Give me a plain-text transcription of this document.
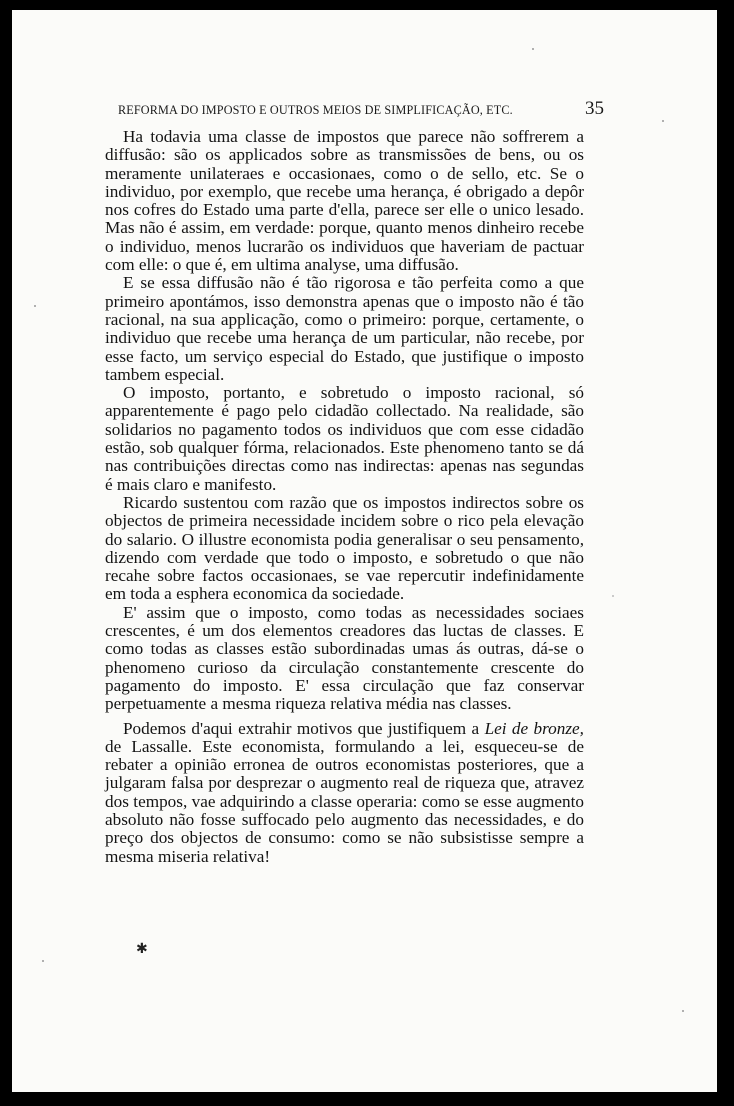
REFORMA DO IMPOSTO E OUTROS MEIOS DE SIMPLIFICAÇÃO, ETC.	35

Ha todavia uma classe de impostos que parece não soffrerem a diffusão: são os applicados sobre as transmissões de bens, ou os meramente unilateraes e occasionaes, como o de sello, etc. Se o individuo, por exemplo, que recebe uma herança, é obrigado a depôr nos cofres do Estado uma parte d'ella, parece ser elle o unico lesado. Mas não é assim, em verdade: porque, quanto menos dinheiro recebe o individuo, menos lucrarão os individuos que haveriam de pactuar com elle: o que é, em ultima analyse, uma diffusão.

E se essa diffusão não é tão rigorosa e tão perfeita como a que primeiro apontámos, isso demonstra apenas que o imposto não é tão racional, na sua applicação, como o primeiro: porque, certamente, o individuo que recebe uma herança de um particular, não recebe, por esse facto, um serviço especial do Estado, que justifique o imposto tambem especial.

O imposto, portanto, e sobretudo o imposto racional, só apparentemente é pago pelo cidadão collectado. Na realidade, são solidarios no pagamento todos os individuos que com esse cidadão estão, sob qualquer fórma, relacionados. Este phenomeno tanto se dá nas contribuições directas como nas indirectas: apenas nas segundas é mais claro e manifesto.

Ricardo sustentou com razão que os impostos indirectos sobre os objectos de primeira necessidade incidem sobre o rico pela elevação do salario. O illustre economista podia generalisar o seu pensamento, dizendo com verdade que todo o imposto, e sobretudo o que não recahe sobre factos occasionaes, se vae repercutir indefinidamente em toda a esphera economica da sociedade.

E' assim que o imposto, como todas as necessidades sociaes crescentes, é um dos elementos creadores das luctas de classes. E como todas as classes estão subordinadas umas ás outras, dá-se o phenomeno curioso da circulação constantemente crescente do pagamento do imposto. E' essa circulação que faz conservar perpetuamente a mesma riqueza relativa média nas classes.

Podemos d'aqui extrahir motivos que justifiquem a Lei de bronze, de Lassalle. Este economista, formulando a lei, esqueceu-se de rebater a opinião erronea de outros economistas posteriores, que a julgaram falsa por desprezar o augmento real de riqueza que, atravez dos tempos, vae adquirindo a classe operaria: como se esse augmento absoluto não fosse suffocado pelo augmento das necessidades, e do preço dos objectos de consumo: como se não subsistisse sempre a mesma miseria relativa!

✱
